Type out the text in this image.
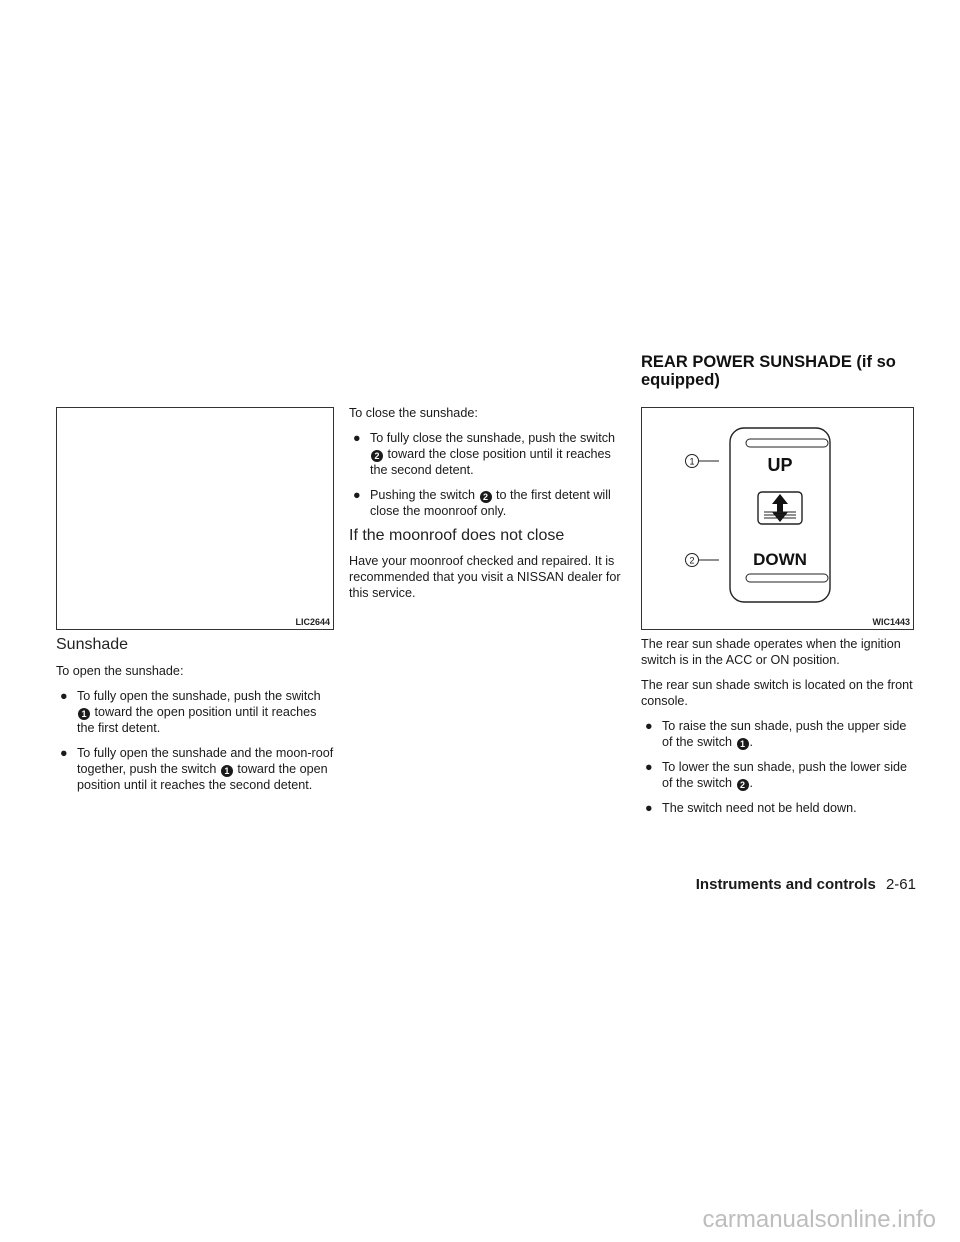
LIC2644
Sunshade

To open the sunshade:

● To fully open the sunshade, push the switch 1 toward the open position until it reaches the first detent.
● To fully open the sunshade and the moon-roof together, push the switch 1 toward the open position until it reaches the second detent.

To close the sunshade:

● To fully close the sunshade, push the switch 2 toward the close position until it reaches the second detent.
● Pushing the switch 2 to the first detent will close the moonroof only.
If the moonroof does not close

Have your moonroof checked and repaired. It is recommended that you visit a NISSAN dealer for this service.

REAR POWER SUNSHADE (if so equipped)
UP
DOWN
1
2
WIC1443

The rear sun shade operates when the ignition switch is in the ACC or ON position.

The rear sun shade switch is located on the front console.

● To raise the sun shade, push the upper side of the switch 1 .
● To lower the sun shade, push the lower side of the switch 2 .
● The switch need not be held down.
Instruments and controls 2-61
carmanualsonline.info
